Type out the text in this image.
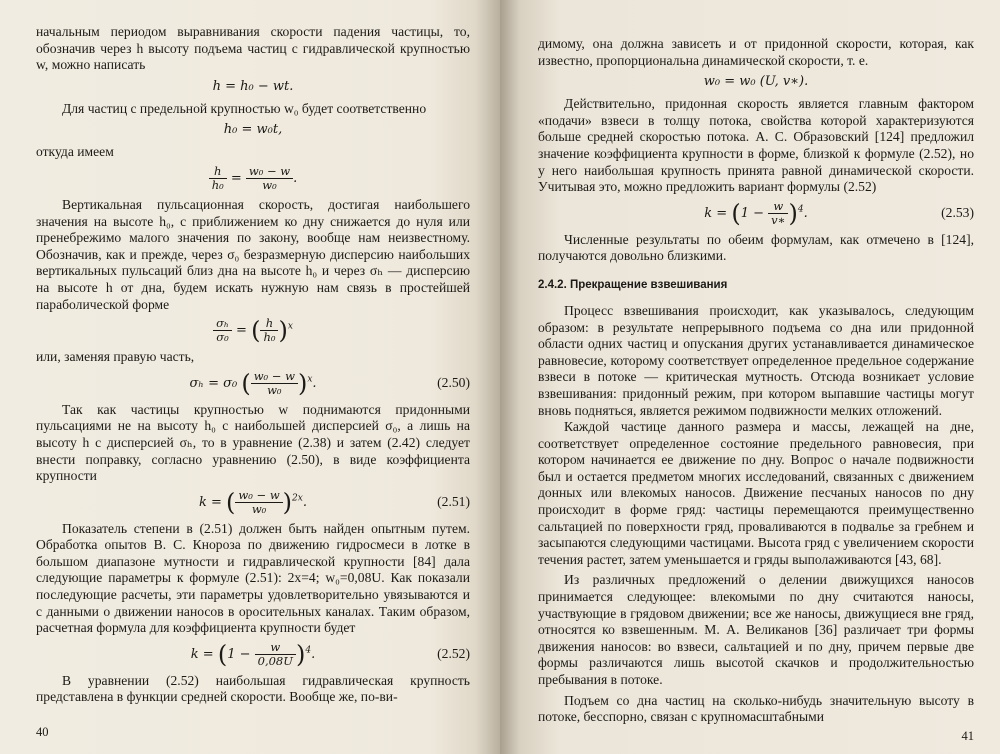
начальным периодом выравнивания скорости падения частицы, то, обозначив через h высоту подъема частиц с гидравлической крупностью w, можно написать

h = h₀ − wt.

Для частиц с предельной крупностью w₀ будет соответственно

h₀ = w₀t,

откуда имеем

$\frac{h}{\text{h₀}} = \frac{\text{w₀ − w}}{\text{w₀}}$ .

Вертикальная пульсационная скорость, достигая наибольшего значения на высоте h₀, с приближением ко дну снижается до нуля или пренебрежимо малого значения по закону, вообще нам неизвестному. Обозначив, как и прежде, через σ₀ безразмерную дисперсию наибольших вертикальных пульсаций близ дна на высоте h₀ и через σₕ — дисперсию на высоте h от дна, будем искать нужную нам связь в простейшей параболической форме

$\frac{\text{σₕ}}{\text{σ₀}}$ = ( $\frac{h}{\text{h₀}} )^x$

или, заменяя правую часть,

σₕ = σ₀ ( $\frac{\text{w₀ − w}}{\text{w₀}} )^x$.	(2.50)

Так как частицы крупностью w поднимаются придонными пульсациями не на высоту h₀ с наибольшей дисперсией σ₀, а лишь на высоту h с дисперсией σₕ, то в уравнение (2.38) и затем (2.42) следует внести поправку, согласно уравнению (2.50), в виде коэффициента крупности

k = ( $\frac{\text{w₀ − w}}{\text{w₀}} )^{2x}$.	(2.51)

Показатель степени в (2.51) должен быть найден опытным путем. Обработка опытов В. С. Кнороза по движению гидросмеси в лотке в большом диапазоне мутности и гидравлической крупности [84] дала следующие параметры к формуле (2.51): 2x=4; w₀=0,08U. Как показали последующие расчеты, эти параметры удовлетворительно увязываются и с данными о движении наносов в оросительных каналах. Таким образом, расчетная формула для коэффициента крупности будет

$k = (1 - \frac{w}{0,08U} )^4$.	(2.52)

В уравнении (2.52) наибольшая гидравлическая крупность представлена в функции средней скорости. Вообще же, по-ви-

40

димому, она должна зависеть и от придонной скорости, которая, как известно, пропорциональна динамической скорости, т. е.

w₀ = w₀ (U, v∗).

Действительно, придонная скорость является главным фактором «подачи» взвеси в толщу потока, свойства которой характеризуются больше средней скоростью потока. А. С. Образовский [124] предложил значение коэффициента крупности в форме, близкой к формуле (2.52), но у него наибольшая крупность принята равной динамической скорости. Учитывая это, можно предложить вариант формулы (2.52)

$k = (1 - \frac{w}{v∗} )^4$.	(2.53)

Численные результаты по обеим формулам, как отмечено в [124], получаются довольно близкими.

2.4.2. Прекращение взвешивания

Процесс взвешивания происходит, как указывалось, следующим образом: в результате непрерывного подъема со дна или придонной области одних частиц и опускания других устанавливается динамическое равновесие, которому соответствует определенное предельное содержание взвеси в потоке — критическая мутность. Отсюда возникает условие взвешивания: придонный режим, при котором выпавшие частицы могут вновь подняться, является режимом подвижности мелких отложений.

Каждой частице данного размера и массы, лежащей на дне, соответствует определенное состояние предельного равновесия, при котором начинается ее движение по дну. Вопрос о начале подвижности был и остается предметом многих исследований, связанных с движением донных или влекомых наносов. Движение песчаных наносов по дну происходит в форме гряд: частицы перемещаются преимущественно сальтацией по поверхности гряд, проваливаются в подвалье за гребнем и засыпаются следующими частицами. Высота гряд с увеличением скорости течения растет, затем уменьшается и гряды выполаживаются [43, 68].

Из различных предложений о делении движущихся наносов принимается следующее: влекомыми по дну считаются наносы, участвующие в грядовом движении; все же наносы, движущиеся вне гряд, относятся ко взвешенным. М. А. Великанов [36] различает три формы движения наносов: во взвеси, сальтацией и по дну, причем первые две формы различаются лишь высотой скачков и продолжительностью пребывания в потоке.

Подъем со дна частиц на сколько-нибудь значительную высоту в потоке, бесспорно, связан с крупномасштабными

41
